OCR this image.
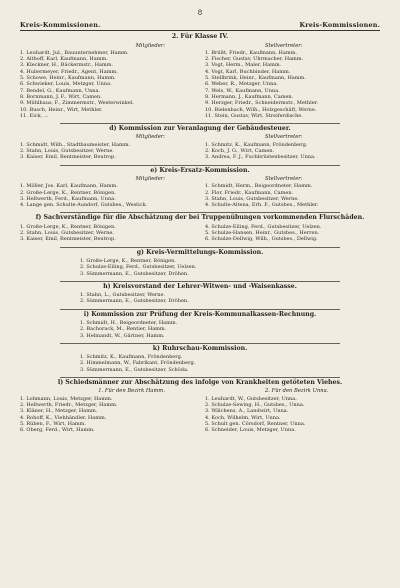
8
Kreis-Kommissionen.	Kreis-Kommissionen.
2. Für Klasse IV.
Mitglieder:
1. Leuhardt, Jul., Bauunternehmer, Hamm.
2. Althoff, Karl, Kaufmann, Hamm.
3. Kleckner, H., Bäckermstr., Hamm.
4. Hubermeyer, Friedr., Agent, Hamm.
5. Schowe, Heinr., Kaufmann, Hamm.
6. Schwieker, Louis, Metzger, Unna.
7. Bendel, G., Kaufmann, Unna.
8. Bornmann, J. F., Wirt, Camen.
9. Mühlhaus, F., Zimmermstr., Westerwinkel.
10. Busch, Heinr., Wirt, Methler.
11. Eick, ...
Stellvertreter:
1. Brüßt, Friedr., Kaufmann, Hamm.
2. Fischer, Gustav, Uhrmacher, Hamm.
3. Vogt, Herm., Maler, Hamm.
4. Vogt, Karl, Buchbinder, Hamm.
5. Stellbrink, Heinr., Kaufmann, Hamm.
6. Weber, R., Metzger, Unna.
7. Wels, W., Kaufmann, Unna.
8. Hermann, J., Kaufmann, Camen.
9. Herzger, Friedr., Schneidermstr., Methler.
10. Bielenbach, Wilh., Holzgeschäft, Werne.
11. Stein, Gustav, Wirt, Streiferdische.
d) Kommission zur Veranlagung der Gebäudesteuer.
Mitglieder:
1. Schmidt, Wilh., Stadtbaumeister, Hamm.
2. Stahn, Louis, Gutsbesitzer, Werne.
3. Kaiser, Emil, Rentmeister, Beutrop.
Stellvertreter:
1. Schmitz, K., Kaufmann, Fröndenberg.
2. Koch, J. G., Wirt, Camen.
3. Andrea, F. J., Fuchbrüstenbesitzer, Unna.
e) Kreis-Ersatz-Kommission.
Mitglieder:
1. Möller, Jos. Karl, Kaufmann, Hamm.
2. Große-Lerge, K., Rentner, Bönigen.
3. Hellwerth, Ferd., Kaufmann, Unna.
4. Lange gen. Schulte-Aundorf, Gutsbes., Westick.
Stellvertreter:
1. Schmidt, Herm., Beigeordneter, Hamm.
2. Flor, Friedr., Kaufmann, Camen.
3. Stahn, Louis, Gutsbesitzer, Werne.
4. Schulte-Altena, Erh. F., Gutsbes., Methler.
f) Sachverständige für die Abschätzung der bei Truppenübungen vorkommenden Flurschäden.
1. Große-Lerge, K., Rentner, Bönigen.
2. Stahn, Louis, Gutsbesitzer, Werne.
3. Kaiser, Emil, Rentmeister, Beutrop.
4. Schulze-Eiling, Ferd., Gutsbesitzer, Uelzen.
5. Schulze-Hansen, Heinr., Gutsbes., Herren.
6. Schulze-Dellwig, Wilh., Gutsbes., Dellwig.
g) Kreis-Vermittelungs-Kommission.
1. Große-Lerge, K., Rentner, Bönigen.
2. Schulze-Eiling, Ferd., Gutsbesitzer, Uelzen.
3. Sümmermann, E., Gutsbesitzer, Dröhen.
h) Kreisvorstand der Lehrer-Witwen- und -Waisenkasse.
1. Stahn, L., Gutsbesitzer, Werne.
2. Sümmermann, E., Gutsbesitzer, Dröhen.
i) Kommission zur Prüfung der Kreis-Kommunalkassen-Rechnung.
1. Schmidt, H., Beigeordneter, Hamm.
2. Bachorack, M., Rentier, Hamm.
3. Helmandt, W., Gärtner, Hamm.
k) Ruhrschau-Kommission.
1. Schmitz, K., Kaufmann, Fröndenberg.
2. Himmelmann, W., Fabrikant, Fröndenberg.
3. Sümmermann, E., Gutsbesitzer, Schöda.
l) Schiedsmänner zur Abschätzung des infolge von Krankheiten getöteten Viehes.
1. Für den Bezirk Hamm.
1. Lohmann, Louis, Metzger, Hamm.
2. Hellwerth, Friedr., Metzger, Hamm.
3. Kläner, H., Metzger, Hamm.
4. Rohoff, K., Viehhändler, Hamm.
5. Rüben, F., Wirt, Hamm.
6. Oberg, Ferd., Wirt, Hamm.
2. Für den Bezirk Unna.
1. Leuhardt, W., Gutsbesitzer, Unna.
2. Schulze-Sewing, H., Gutsbes., Unna.
3. Wälchens, A., Landwirt, Unna.
4. Koch, Wilhelm, Wirt, Unna.
5. Schult gen. Cörsdorf, Rentner, Unna.
6. Schneider, Louis, Metzger, Unna.
